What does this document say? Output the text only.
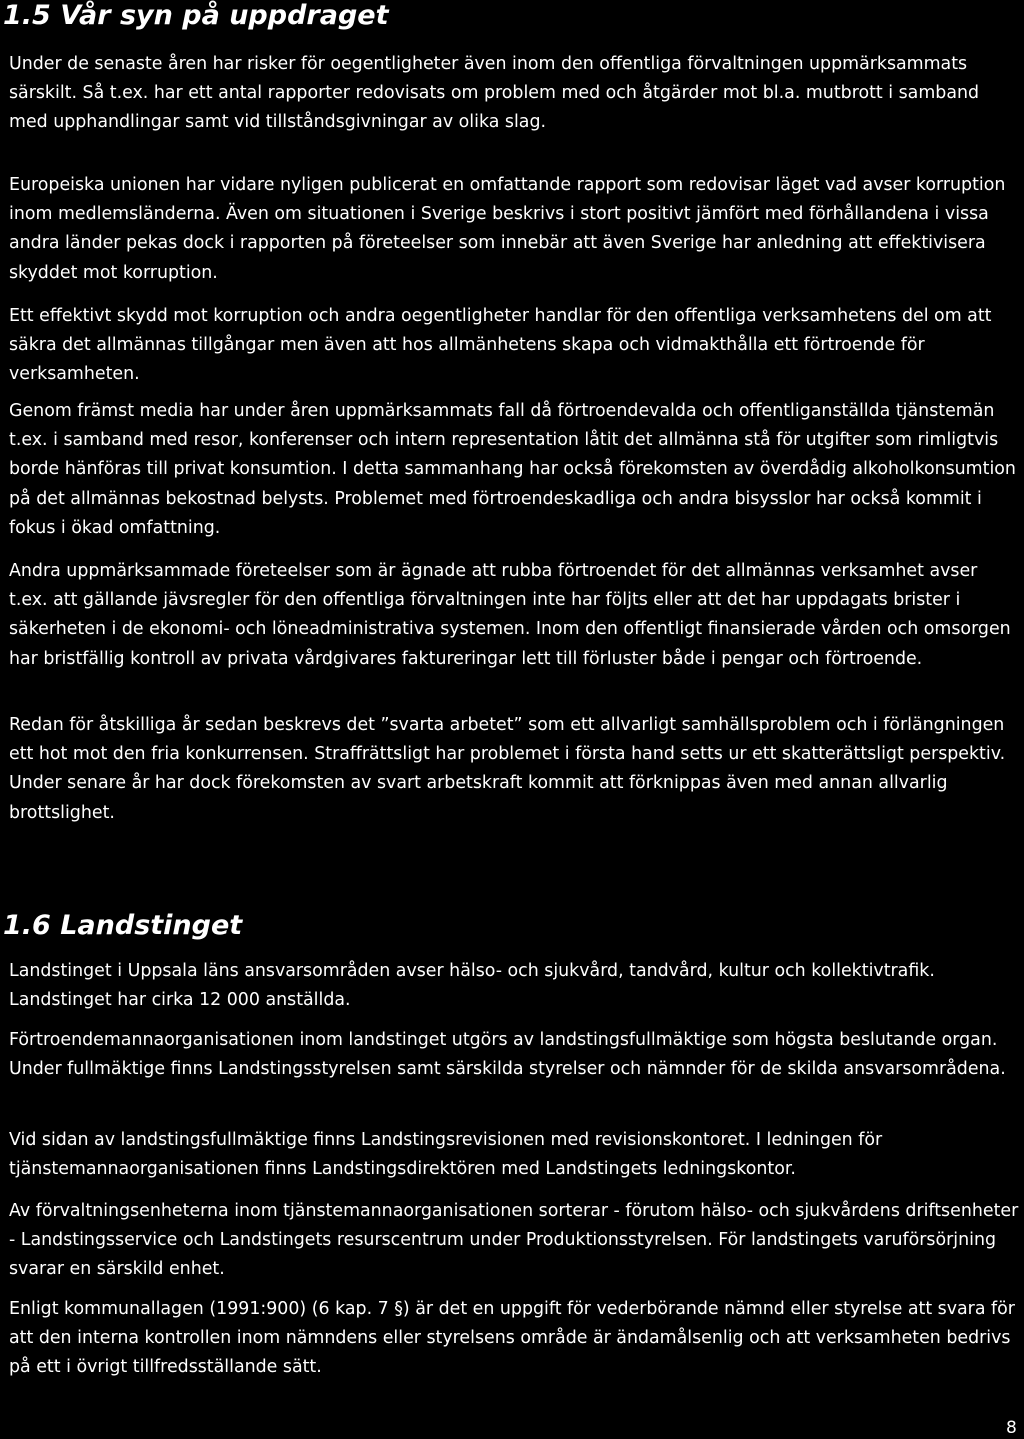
1.5 Vår syn på uppdraget

Under de senaste åren har risker för oegentligheter även inom den offentliga förvaltningen uppmärksammats särskilt. Så t.ex. har ett antal rapporter redovisats om problem med och åtgärder mot bl.a. mutbrott i samband med upphandlingar samt vid tillståndsgivningar av olika slag.

Europeiska unionen har vidare nyligen publicerat en omfattande rapport som redovisar läget vad avser korruption inom medlemsländerna. Även om situationen i Sverige beskrivs i stort positivt jämfört med förhållandena i vissa andra länder pekas dock i rapporten på företeelser som innebär att även Sverige har anledning att effektivisera skyddet mot korruption.

Ett effektivt skydd mot korruption och andra oegentligheter handlar för den offentliga verksamhetens del om att säkra det allmännas tillgångar men även att hos allmänhetens skapa och vidmakthålla ett förtroende för verksamheten.

Genom främst media har under åren uppmärksammats fall då förtroendevalda och offentliganställda tjänstemän t.ex. i samband med resor, konferenser och intern representation låtit det allmänna stå för utgifter som rimligtvis borde hänföras till privat konsumtion. I detta sammanhang har också förekomsten av överdådig alkoholkonsumtion på det allmännas bekostnad belysts. Problemet med förtroendeskadliga och andra bisysslor har också kommit i fokus i ökad omfattning.

Andra uppmärksammade företeelser som är ägnade att rubba förtroendet för det allmännas verksamhet avser t.ex. att gällande jävsregler för den offentliga förvaltningen inte har följts eller att det har uppdagats brister i säkerheten i de ekonomi- och löneadministrativa systemen. Inom den offentligt finansierade vården och omsorgen har bristfällig kontroll av privata vårdgivares faktureringar lett till förluster både i pengar och förtroende.

Redan för åtskilliga år sedan beskrevs det ”svarta arbetet” som ett allvarligt samhällsproblem och i förlängningen ett hot mot den fria konkurrensen. Straffrättsligt har problemet i första hand setts ur ett skatterättsligt perspektiv. Under senare år har dock förekomsten av svart arbetskraft kommit att förknippas även med annan allvarlig brottslighet.

1.6 Landstinget

Landstinget i Uppsala läns ansvarsområden avser hälso- och sjukvård, tandvård, kultur och kollektivtrafik. Landstinget har cirka 12 000 anställda.

Förtroendemannaorganisationen inom landstinget utgörs av landstingsfullmäktige som högsta beslutande organ. Under fullmäktige finns Landstingsstyrelsen samt särskilda styrelser och nämnder för de skilda ansvarsområdena.

Vid sidan av landstingsfullmäktige finns Landstingsrevisionen med revisionskontoret. I ledningen för tjänstemannaorganisationen finns Landstingsdirektören med Landstingets ledningskontor.

Av förvaltningsenheterna inom tjänstemannaorganisationen sorterar - förutom hälso- och sjukvårdens driftsenheter - Landstingsservice och Landstingets resurscentrum under Produktionsstyrelsen. För landstingets varuförsörjning svarar en särskild enhet.

Enligt kommunallagen (1991:900) (6 kap. 7 §) är det en uppgift för vederbörande nämnd eller styrelse att svara för att den interna kontrollen inom nämndens eller styrelsens område är ändamålsenlig och att verksamheten bedrivs på ett i övrigt tillfredsställande sätt.

8
